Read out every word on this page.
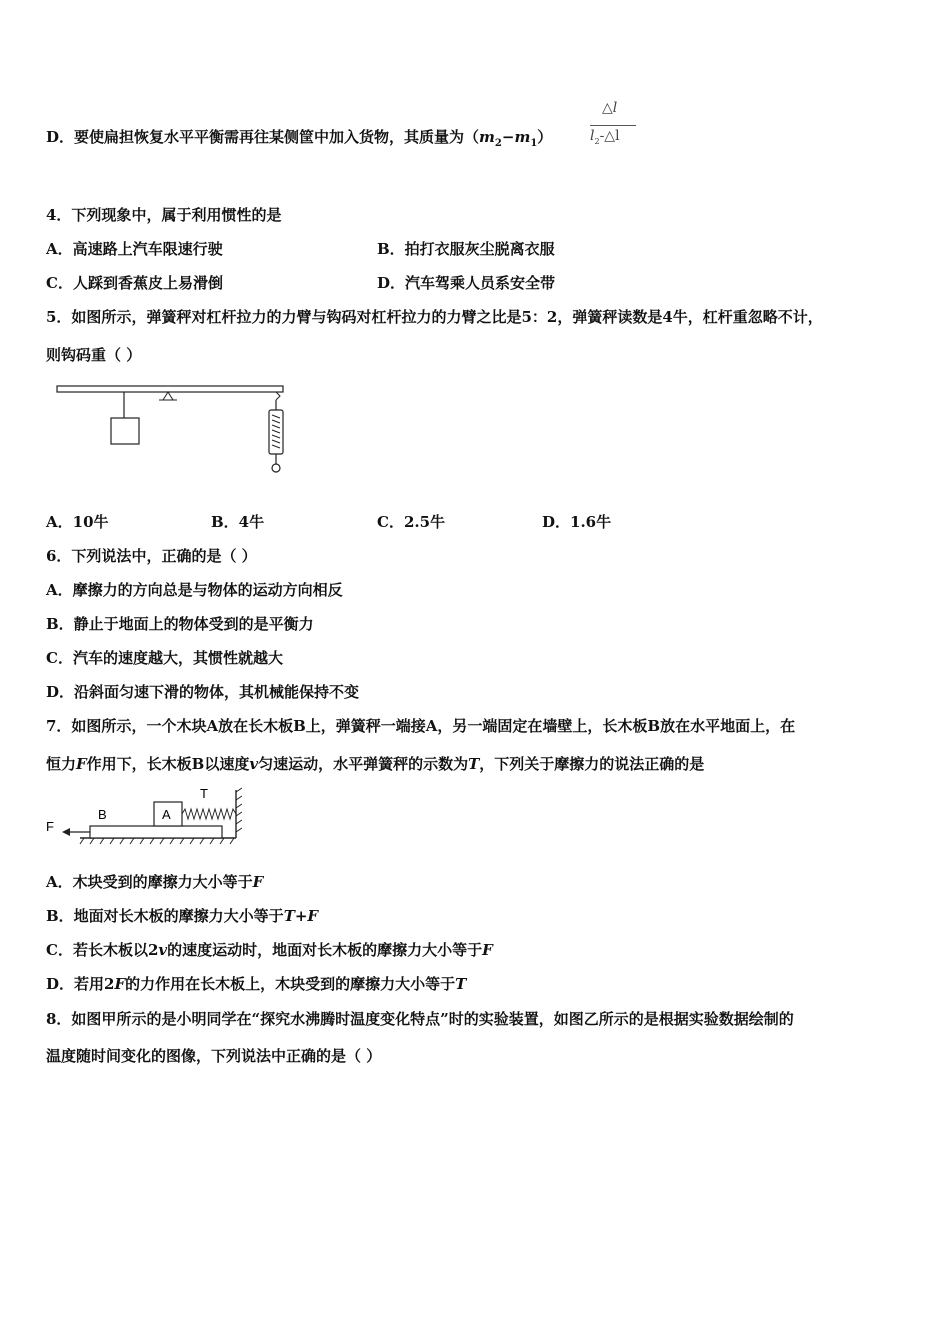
D．要使扁担恢复水平平衡需再往某侧筐中加入货物，其质量为$(m_2-m_1)$
△l
$l_2-\triangle l$
4．下列现象中，属于利用惯性的是
A．高速路上汽车限速行驶	B．拍打衣服灰尘脱离衣服
C．人踩到香蕉皮上易滑倒	D．汽车驾乘人员系安全带
5．如图所示，弹簧秤对杠杆拉力的力臂与钩码对杠杆拉力的力臂之比是5：2，弹簧秤读数是4牛，杠杆重忽略不计，
则钩码重（ ）
A．10牛	B．4牛	C．2.5牛	D．1.6牛
6．下列说法中，正确的是（ ）
A．摩擦力的方向总是与物体的运动方向相反
B．静止于地面上的物体受到的是平衡力
C．汽车的速度越大，其惯性就越大
D．沿斜面匀速下滑的物体，其机械能保持不变
7．如图所示，一个木块A放在长木板B上，弹簧秤一端接A，另一端固定在墙壁上，长木板B放在水平地面上，在
恒力F作用下，长木板B以速度v匀速运动，水平弹簧秤的示数为T，下列关于摩擦力的说法正确的是
F
B	A
T
A．木块受到的摩擦力大小等于F
B．地面对长木板的摩擦力大小等于T+F
C．若长木板以2v的速度运动时，地面对长木板的摩擦力大小等于F
D．若用2F的力作用在长木板上，木块受到的摩擦力大小等于T
8．如图甲所示的是小明同学在“探究水沸腾时温度变化特点”时的实验装置，如图乙所示的是根据实验数据绘制的
温度随时间变化的图像，下列说法中正确的是（ ）
